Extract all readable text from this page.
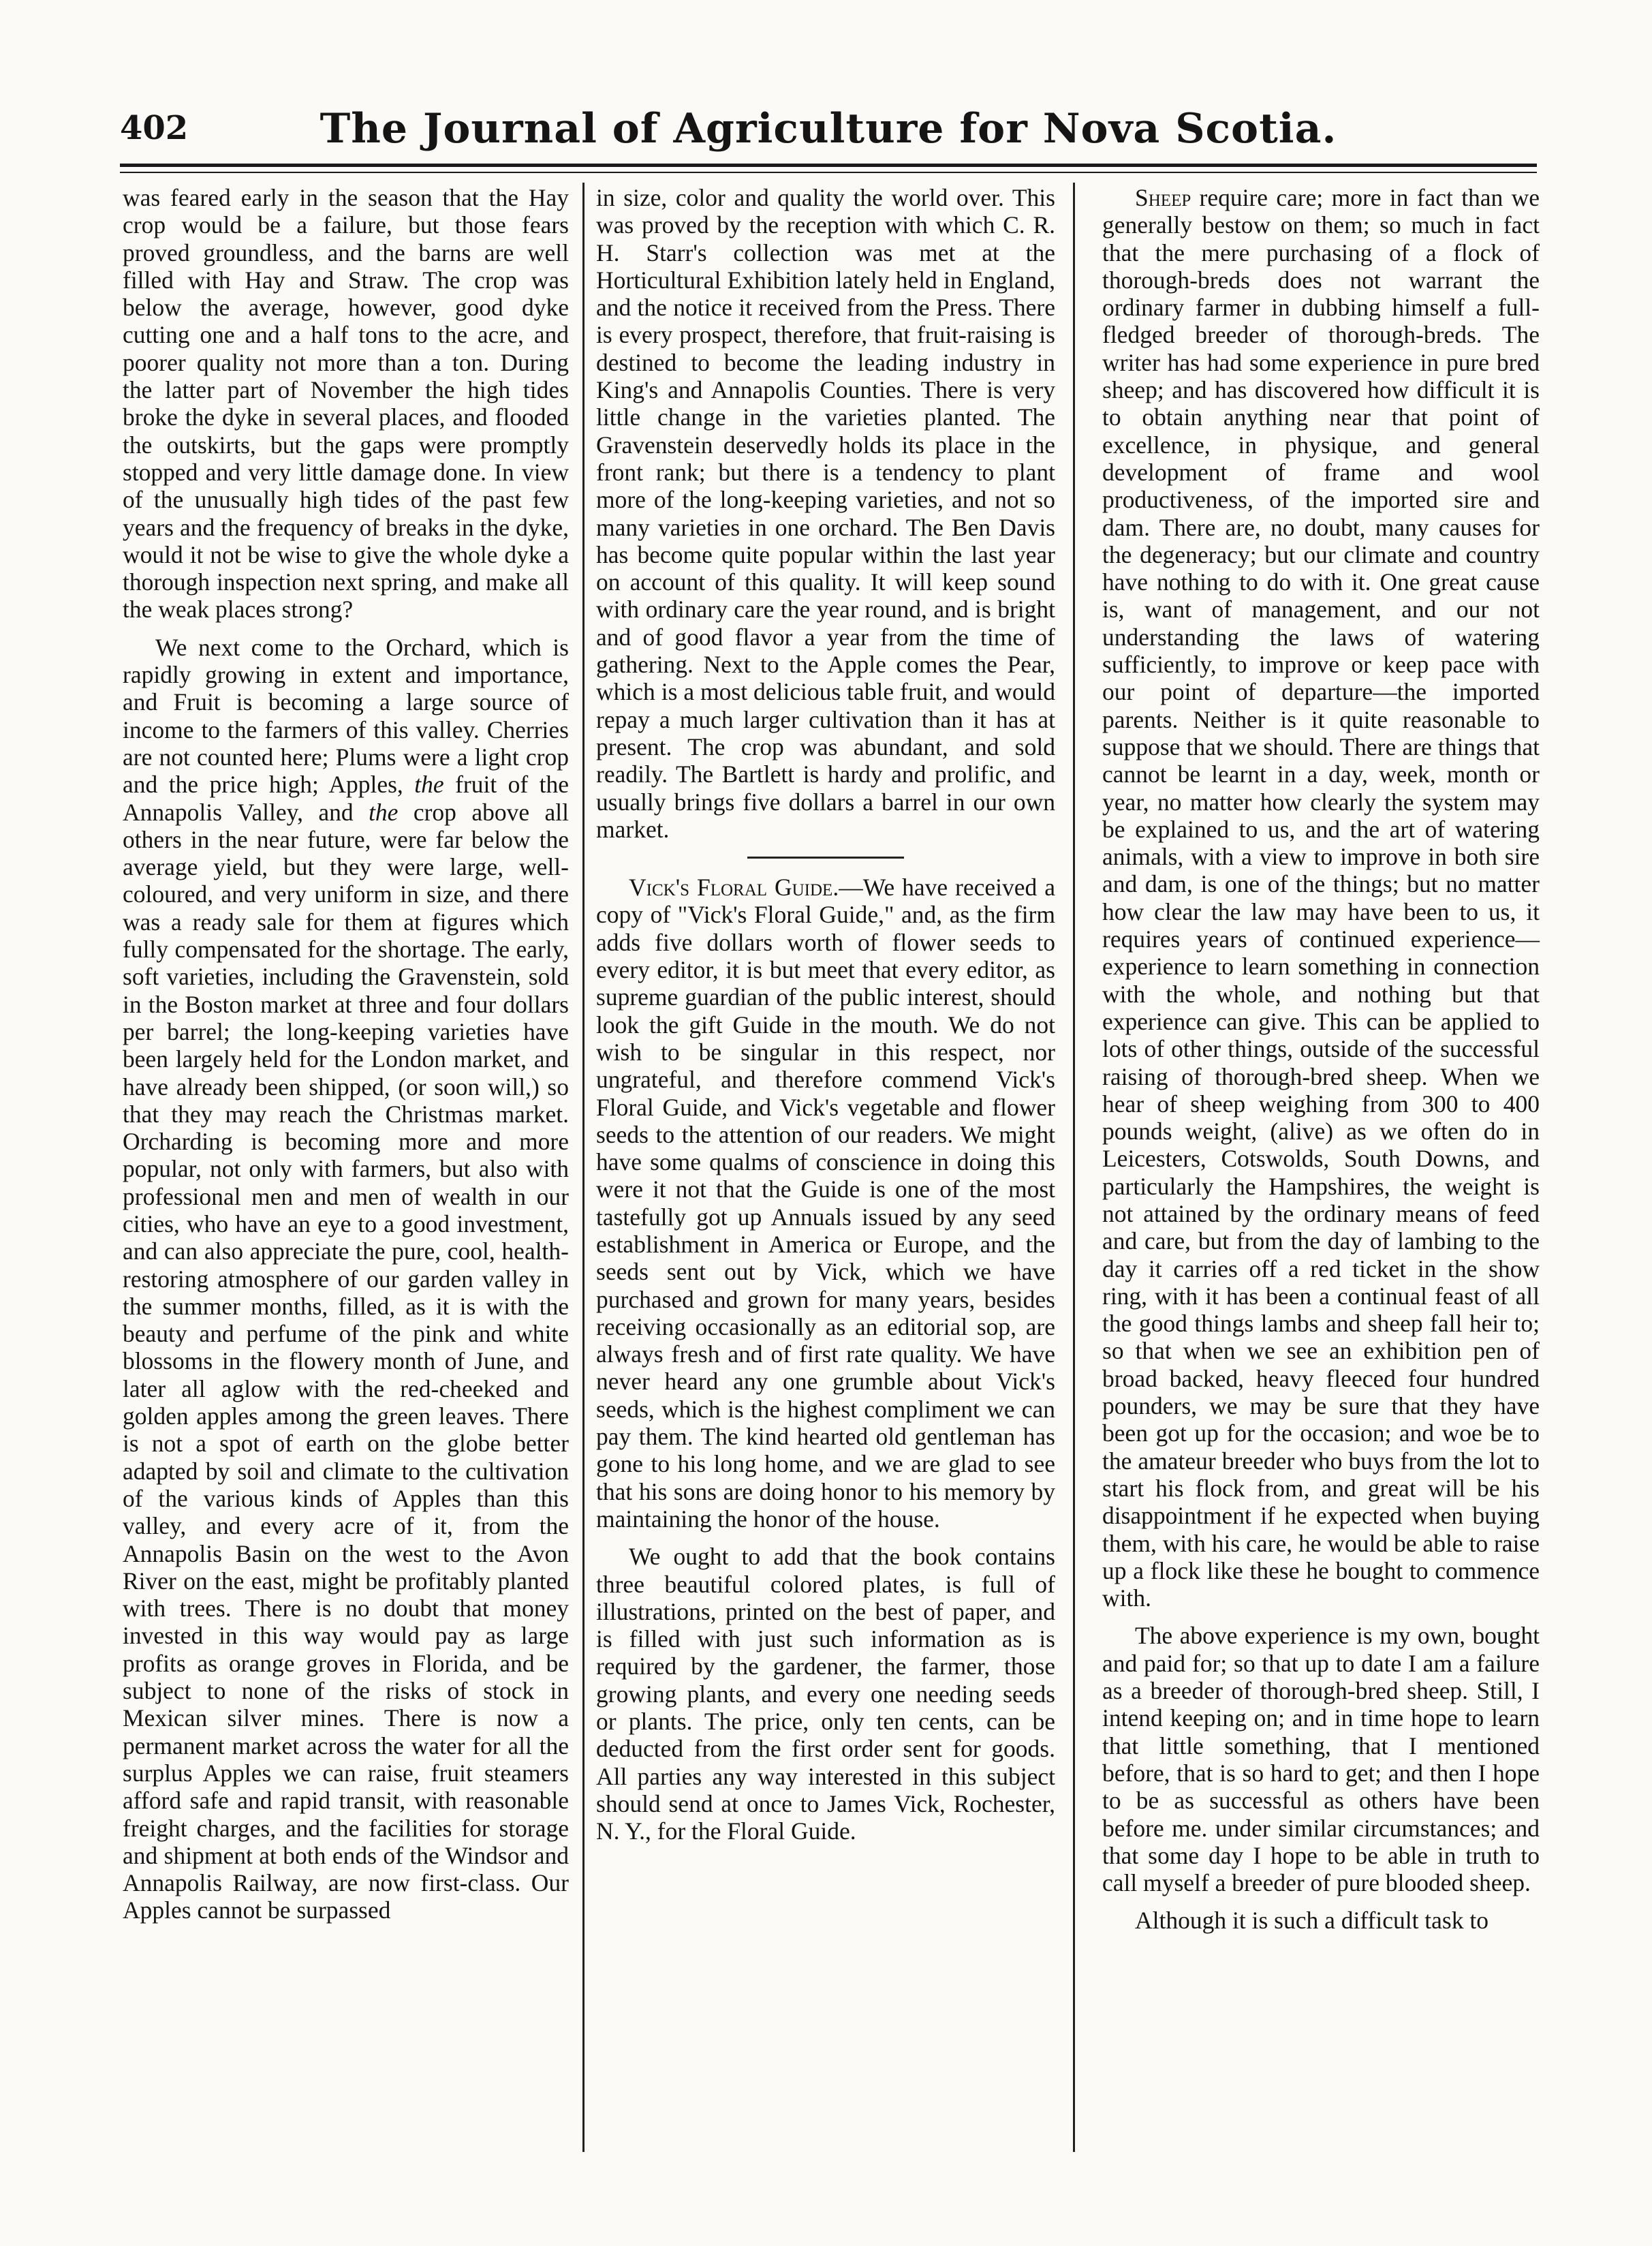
402	The Journal of Agriculture for Nova Scotia.

was feared early in the season that the Hay crop would be a failure, but those fears proved groundless, and the barns are well filled with Hay and Straw. The crop was below the average, however, good dyke cutting one and a half tons to the acre, and poorer quality not more than a ton. During the latter part of November the high tides broke the dyke in several places, and flooded the outskirts, but the gaps were promptly stopped and very little damage done. In view of the unusually high tides of the past few years and the frequency of breaks in the dyke, would it not be wise to give the whole dyke a thorough inspection next spring, and make all the weak places strong?

We next come to the Orchard, which is rapidly growing in extent and importance, and Fruit is becoming a large source of income to the farmers of this valley. Cherries are not counted here; Plums were a light crop and the price high; Apples, the fruit of the Annapolis Valley, and the crop above all others in the near future, were far below the average yield, but they were large, well-coloured, and very uniform in size, and there was a ready sale for them at figures which fully compensated for the shortage. The early, soft varieties, including the Gravenstein, sold in the Boston market at three and four dollars per barrel; the long-keeping varieties have been largely held for the London market, and have already been shipped, (or soon will,) so that they may reach the Christmas market. Orcharding is becoming more and more popular, not only with farmers, but also with professional men and men of wealth in our cities, who have an eye to a good investment, and can also appreciate the pure, cool, health-restoring atmosphere of our garden valley in the summer months, filled, as it is with the beauty and perfume of the pink and white blossoms in the flowery month of June, and later all aglow with the red-cheeked and golden apples among the green leaves. There is not a spot of earth on the globe better adapted by soil and climate to the cultivation of the various kinds of Apples than this valley, and every acre of it, from the Annapolis Basin on the west to the Avon River on the east, might be profitably planted with trees. There is no doubt that money invested in this way would pay as large profits as orange groves in Florida, and be subject to none of the risks of stock in Mexican silver mines. There is now a permanent market across the water for all the surplus Apples we can raise, fruit steamers afford safe and rapid transit, with reasonable freight charges, and the facilities for storage and shipment at both ends of the Windsor and Annapolis Railway, are now first-class. Our Apples cannot be surpassed

in size, color and quality the world over. This was proved by the reception with which C. R. H. Starr's collection was met at the Horticultural Exhibition lately held in England, and the notice it received from the Press. There is every prospect, therefore, that fruit-raising is destined to become the leading industry in King's and Annapolis Counties. There is very little change in the varieties planted. The Gravenstein deservedly holds its place in the front rank; but there is a tendency to plant more of the long-keeping varieties, and not so many varieties in one orchard. The Ben Davis has become quite popular within the last year on account of this quality. It will keep sound with ordinary care the year round, and is bright and of good flavor a year from the time of gathering. Next to the Apple comes the Pear, which is a most delicious table fruit, and would repay a much larger cultivation than it has at present. The crop was abundant, and sold readily. The Bartlett is hardy and prolific, and usually brings five dollars a barrel in our own market.

Vick's Floral Guide.—We have received a copy of "Vick's Floral Guide," and, as the firm adds five dollars worth of flower seeds to every editor, it is but meet that every editor, as supreme guardian of the public interest, should look the gift Guide in the mouth. We do not wish to be singular in this respect, nor ungrateful, and therefore commend Vick's Floral Guide, and Vick's vegetable and flower seeds to the attention of our readers. We might have some qualms of conscience in doing this were it not that the Guide is one of the most tastefully got up Annuals issued by any seed establishment in America or Europe, and the seeds sent out by Vick, which we have purchased and grown for many years, besides receiving occasionally as an editorial sop, are always fresh and of first rate quality. We have never heard any one grumble about Vick's seeds, which is the highest compliment we can pay them. The kind hearted old gentleman has gone to his long home, and we are glad to see that his sons are doing honor to his memory by maintaining the honor of the house.

We ought to add that the book contains three beautiful colored plates, is full of illustrations, printed on the best of paper, and is filled with just such information as is required by the gardener, the farmer, those growing plants, and every one needing seeds or plants. The price, only ten cents, can be deducted from the first order sent for goods. All parties any way interested in this subject should send at once to James Vick, Rochester, N. Y., for the Floral Guide.

Sheep require care; more in fact than we generally bestow on them; so much in fact that the mere purchasing of a flock of thorough-breds does not warrant the ordinary farmer in dubbing himself a full-fledged breeder of thorough-breds. The writer has had some experience in pure bred sheep; and has discovered how difficult it is to obtain anything near that point of excellence, in physique, and general development of frame and wool productiveness, of the imported sire and dam. There are, no doubt, many causes for the degeneracy; but our climate and country have nothing to do with it. One great cause is, want of management, and our not understanding the laws of watering sufficiently, to improve or keep pace with our point of departure—the imported parents. Neither is it quite reasonable to suppose that we should. There are things that cannot be learnt in a day, week, month or year, no matter how clearly the system may be explained to us, and the art of watering animals, with a view to improve in both sire and dam, is one of the things; but no matter how clear the law may have been to us, it requires years of continued experience—experience to learn something in connection with the whole, and nothing but that experience can give. This can be applied to lots of other things, outside of the successful raising of thorough-bred sheep. When we hear of sheep weighing from 300 to 400 pounds weight, (alive) as we often do in Leicesters, Cotswolds, South Downs, and particularly the Hampshires, the weight is not attained by the ordinary means of feed and care, but from the day of lambing to the day it carries off a red ticket in the show ring, with it has been a continual feast of all the good things lambs and sheep fall heir to; so that when we see an exhibition pen of broad backed, heavy fleeced four hundred pounders, we may be sure that they have been got up for the occasion; and woe be to the amateur breeder who buys from the lot to start his flock from, and great will be his disappointment if he expected when buying them, with his care, he would be able to raise up a flock like these he bought to commence with.

The above experience is my own, bought and paid for; so that up to date I am a failure as a breeder of thorough-bred sheep. Still, I intend keeping on; and in time hope to learn that little something, that I mentioned before, that is so hard to get; and then I hope to be as successful as others have been before me. under similar circumstances; and that some day I hope to be able in truth to call myself a breeder of pure blooded sheep.

Although it is such a difficult task to
